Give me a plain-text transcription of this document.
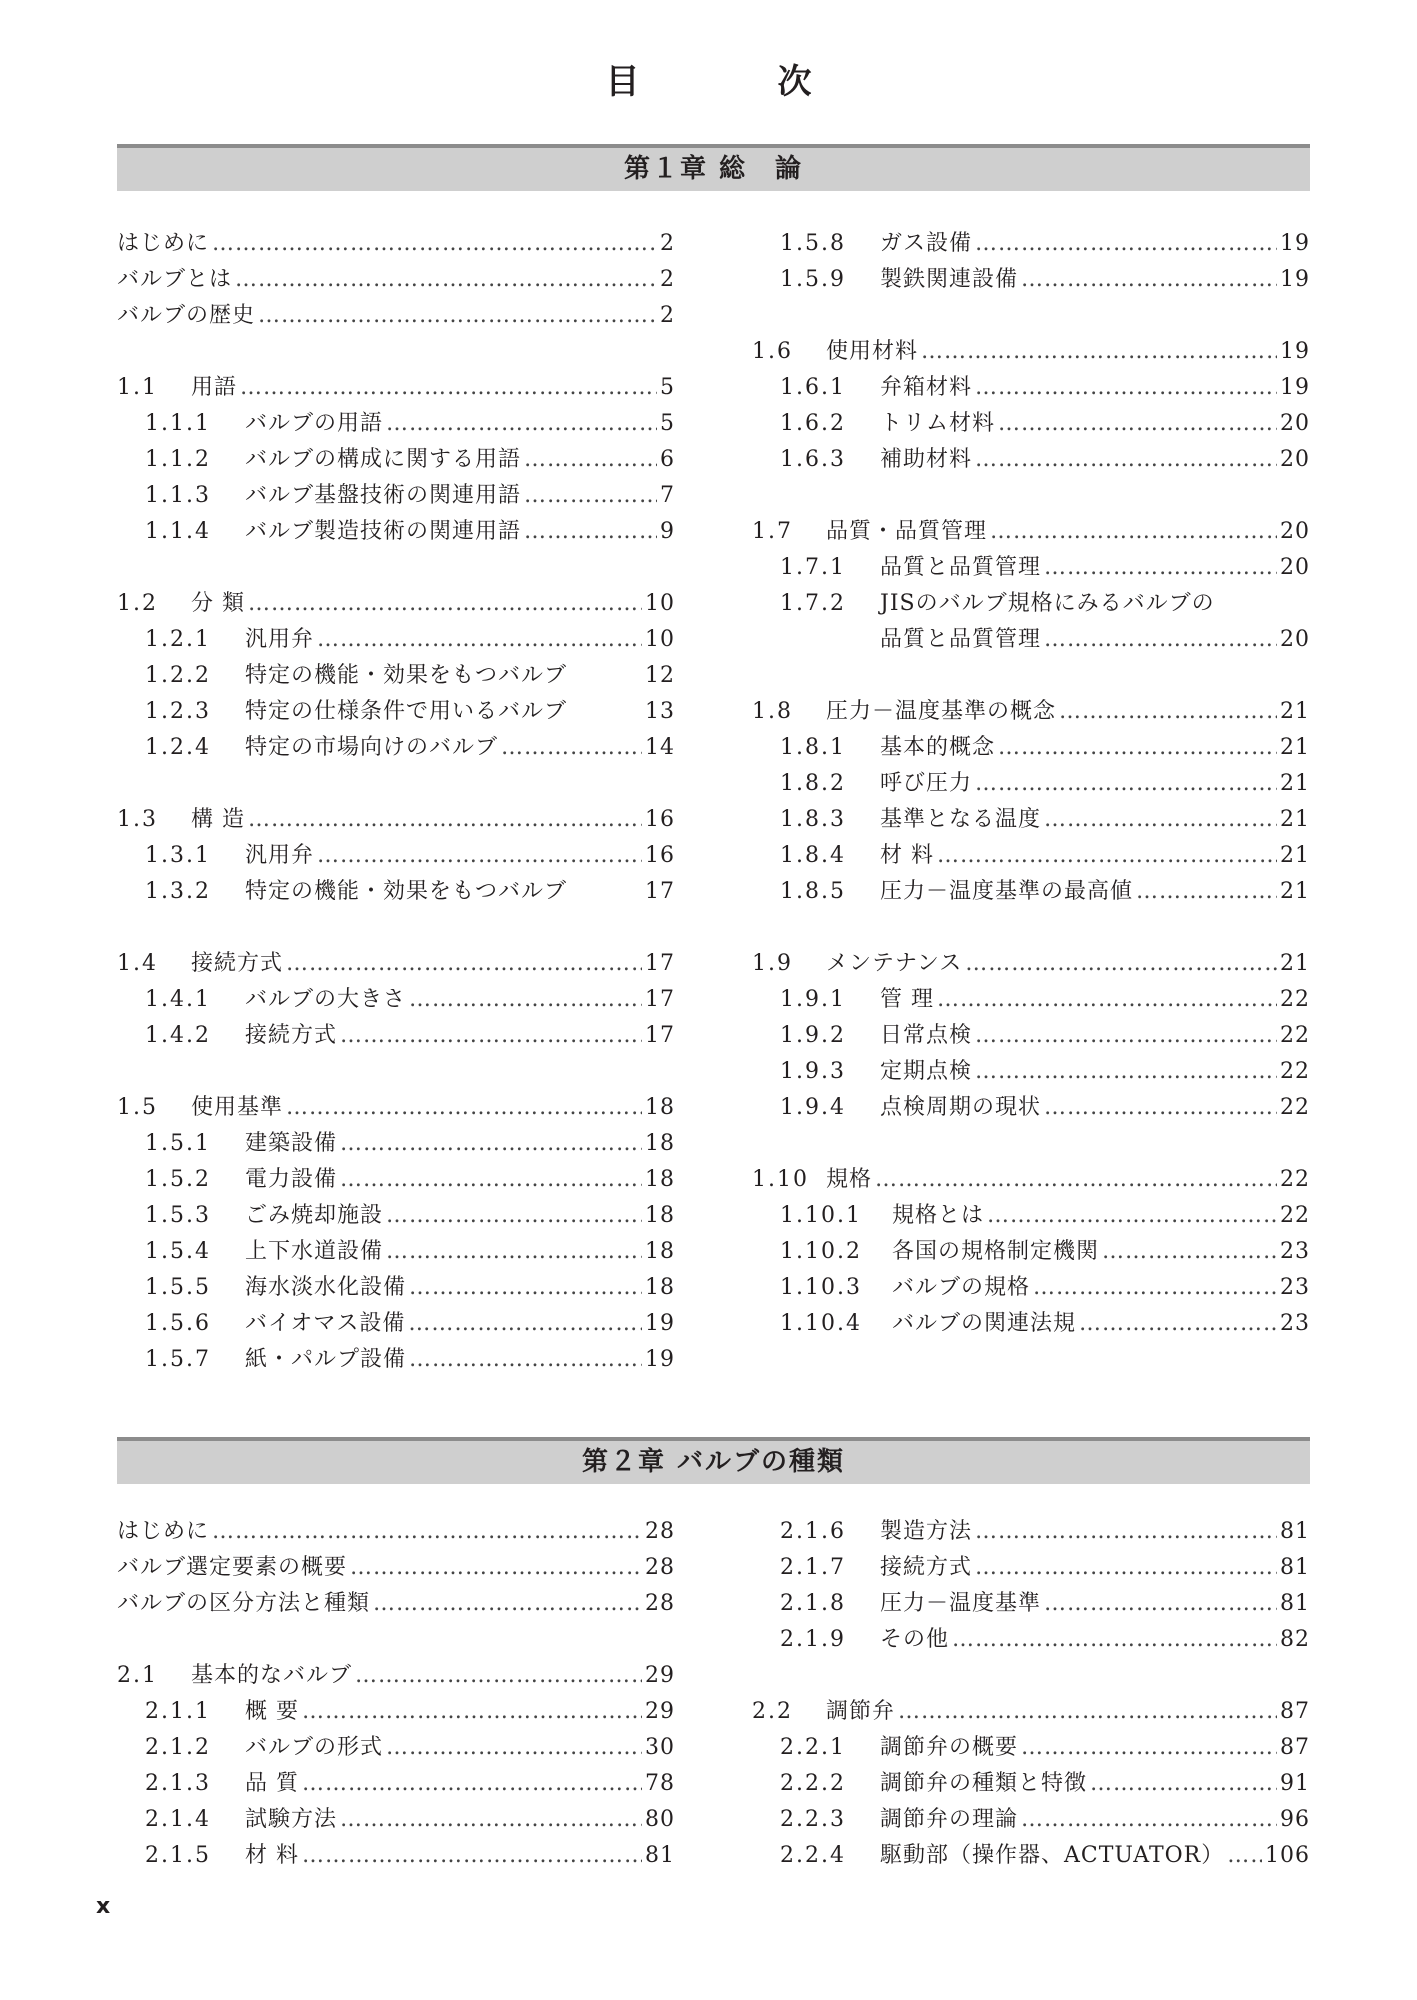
目　次
第１章 総　論
はじめに …………………………………………………………………………………………………………	2
バルブとは …………………………………………………………………………………………………………	2
バルブの歴史 …………………………………………………………………………………………………………	2
1.1	用語 …………………………………………………………………………………………………………	5
1.1.1	バルブの用語 …………………………………………………………………………………………………………	5
1.1.2	バルブの構成に関する用語 …………………………………………………………………………………………………………	6
1.1.3	バルブ基盤技術の関連用語 …………………………………………………………………………………………………………	7
1.1.4	バルブ製造技術の関連用語 …………………………………………………………………………………………………………	9
1.2	分 類 …………………………………………………………………………………………………………	10
1.2.1	汎用弁 …………………………………………………………………………………………………………	10
1.2.2	特定の機能・効果をもつバルブ	12
1.2.3	特定の仕様条件で用いるバルブ	13
1.2.4	特定の市場向けのバルブ …………………………………………………………………………………………………………	14
1.3	構 造 …………………………………………………………………………………………………………	16
1.3.1	汎用弁 …………………………………………………………………………………………………………	16
1.3.2	特定の機能・効果をもつバルブ	17
1.4	接続方式 …………………………………………………………………………………………………………	17
1.4.1	バルブの大きさ …………………………………………………………………………………………………………	17
1.4.2	接続方式 …………………………………………………………………………………………………………	17
1.5	使用基準 …………………………………………………………………………………………………………	18
1.5.1	建築設備 …………………………………………………………………………………………………………	18
1.5.2	電力設備 …………………………………………………………………………………………………………	18
1.5.3	ごみ焼却施設 …………………………………………………………………………………………………………	18
1.5.4	上下水道設備 …………………………………………………………………………………………………………	18
1.5.5	海水淡水化設備 …………………………………………………………………………………………………………	18
1.5.6	バイオマス設備 …………………………………………………………………………………………………………	19
1.5.7	紙・パルプ設備 …………………………………………………………………………………………………………	19
1.5.8	ガス設備 …………………………………………………………………………………………………………	19
1.5.9	製鉄関連設備 …………………………………………………………………………………………………………	19
1.6	使用材料 …………………………………………………………………………………………………………	19
1.6.1	弁箱材料 …………………………………………………………………………………………………………	19
1.6.2	トリム材料 …………………………………………………………………………………………………………	20
1.6.3	補助材料 …………………………………………………………………………………………………………	20
1.7	品質・品質管理 …………………………………………………………………………………………………………	20
1.7.1	品質と品質管理 …………………………………………………………………………………………………………	20
1.7.2	JISのバルブ規格にみるバルブの
品質と品質管理 …………………………………………………………………………………………………………	20
1.8	圧力－温度基準の概念 …………………………………………………………………………………………………………	21
1.8.1	基本的概念 …………………………………………………………………………………………………………	21
1.8.2	呼び圧力 …………………………………………………………………………………………………………	21
1.8.3	基準となる温度 …………………………………………………………………………………………………………	21
1.8.4	材 料 …………………………………………………………………………………………………………	21
1.8.5	圧力－温度基準の最高値 …………………………………………………………………………………………………………	21
1.9	メンテナンス …………………………………………………………………………………………………………	21
1.9.1	管 理 …………………………………………………………………………………………………………	22
1.9.2	日常点検 …………………………………………………………………………………………………………	22
1.9.3	定期点検 …………………………………………………………………………………………………………	22
1.9.4	点検周期の現状 …………………………………………………………………………………………………………	22
1.10 規格 …………………………………………………………………………………………………………	22
1.10.1	規格とは …………………………………………………………………………………………………………	22
1.10.2	各国の規格制定機関 …………………………………………………………………………………………………………	23
1.10.3	バルブの規格 …………………………………………………………………………………………………………	23
1.10.4	バルブの関連法規 …………………………………………………………………………………………………………	23
第２章 バルブの種類
はじめに …………………………………………………………………………………………………………	28
バルブ選定要素の概要 …………………………………………………………………………………………………………	28
バルブの区分方法と種類 …………………………………………………………………………………………………………	28
2.1	基本的なバルブ …………………………………………………………………………………………………………	29
2.1.1	概 要 …………………………………………………………………………………………………………	29
2.1.2	バルブの形式 …………………………………………………………………………………………………………	30
2.1.3	品 質 …………………………………………………………………………………………………………	78
2.1.4	試験方法 …………………………………………………………………………………………………………	80
2.1.5	材 料 …………………………………………………………………………………………………………	81
2.1.6	製造方法 …………………………………………………………………………………………………………	81
2.1.7	接続方式 …………………………………………………………………………………………………………	81
2.1.8	圧力－温度基準 …………………………………………………………………………………………………………	81
2.1.9	その他 …………………………………………………………………………………………………………	82
2.2	調節弁 …………………………………………………………………………………………………………	87
2.2.1	調節弁の概要 …………………………………………………………………………………………………………	87
2.2.2	調節弁の種類と特徴 …………………………………………………………………………………………………………	91
2.2.3	調節弁の理論 …………………………………………………………………………………………………………	96
2.2.4	駆動部（操作器、ACTUATOR） ………………………………………………………………………………………………………… 106
x
